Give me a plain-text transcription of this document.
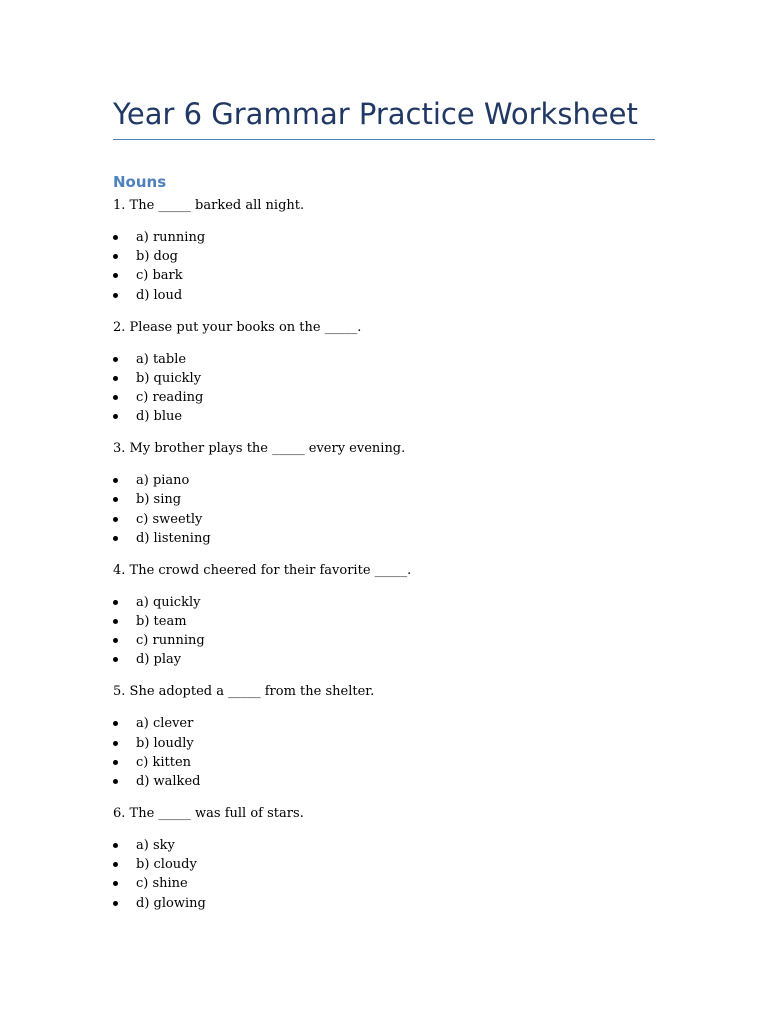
Year 6 Grammar Practice Worksheet
Nouns

1. The _____ barked all night.

a) running
b) dog
c) bark
d) loud

2. Please put your books on the _____.

a) table
b) quickly
c) reading
d) blue

3. My brother plays the _____ every evening.

a) piano
b) sing
c) sweetly
d) listening

4. The crowd cheered for their favorite _____.

a) quickly
b) team
c) running
d) play

5. She adopted a _____ from the shelter.

a) clever
b) loudly
c) kitten
d) walked

6. The _____ was full of stars.

a) sky
b) cloudy
c) shine
d) glowing
